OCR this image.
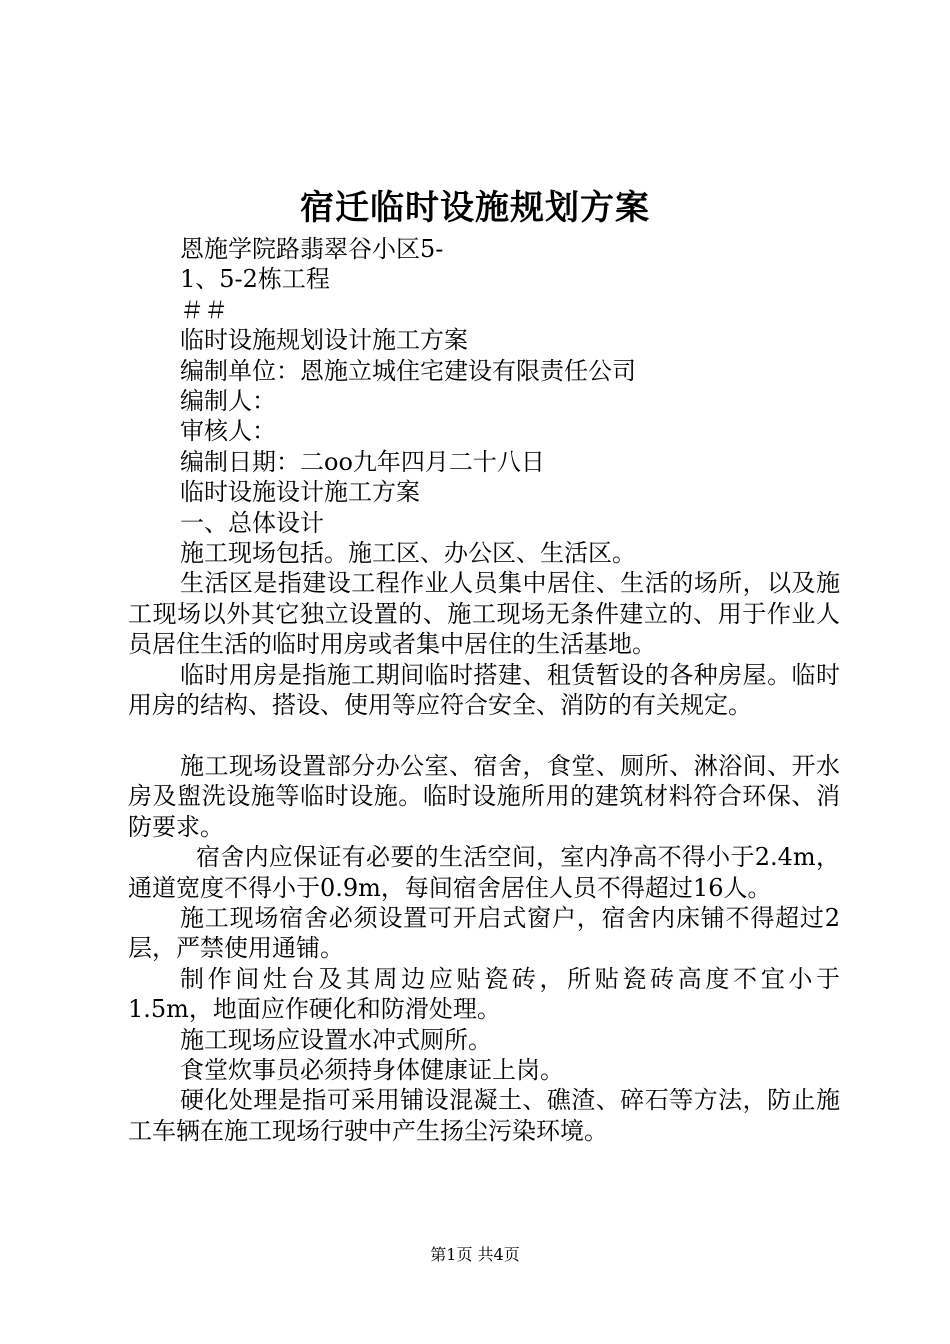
宿迁临时设施规划方案
恩施学院路翡翠谷小区5-
1、5-2栋工程
＃＃
临时设施规划设计施工方案
编制单位：恩施立城住宅建设有限责任公司
编制人：
审核人：
编制日期：二oo九年四月二十八日
临时设施设计施工方案
一、总体设计
施工现场包括。施工区、办公区、生活区。
生活区是指建设工程作业人员集中居住、生活的场所，以及施工现场以外其它独立设置的、施工现场无条件建立的、用于作业人员居住生活的临时用房或者集中居住的生活基地。
临时用房是指施工期间临时搭建、租赁暂设的各种房屋。临时用房的结构、搭设、使用等应符合安全、消防的有关规定。
施工现场设置部分办公室、宿舍，食堂、厕所、淋浴间、开水房及盥洗设施等临时设施。临时设施所用的建筑材料符合环保、消防要求。
宿舍内应保证有必要的生活空间，室内净高不得小于2.4m，通道宽度不得小于0.9m，每间宿舍居住人员不得超过16人。
施工现场宿舍必须设置可开启式窗户，宿舍内床铺不得超过2层，严禁使用通铺。
制作间灶台及其周边应贴瓷砖，所贴瓷砖高度不宜小于1.5m，地面应作硬化和防滑处理。
施工现场应设置水冲式厕所。
食堂炊事员必须持身体健康证上岗。
硬化处理是指可采用铺设混凝土、礁渣、碎石等方法，防止施工车辆在施工现场行驶中产生扬尘污染环境。
第1页 共4页
